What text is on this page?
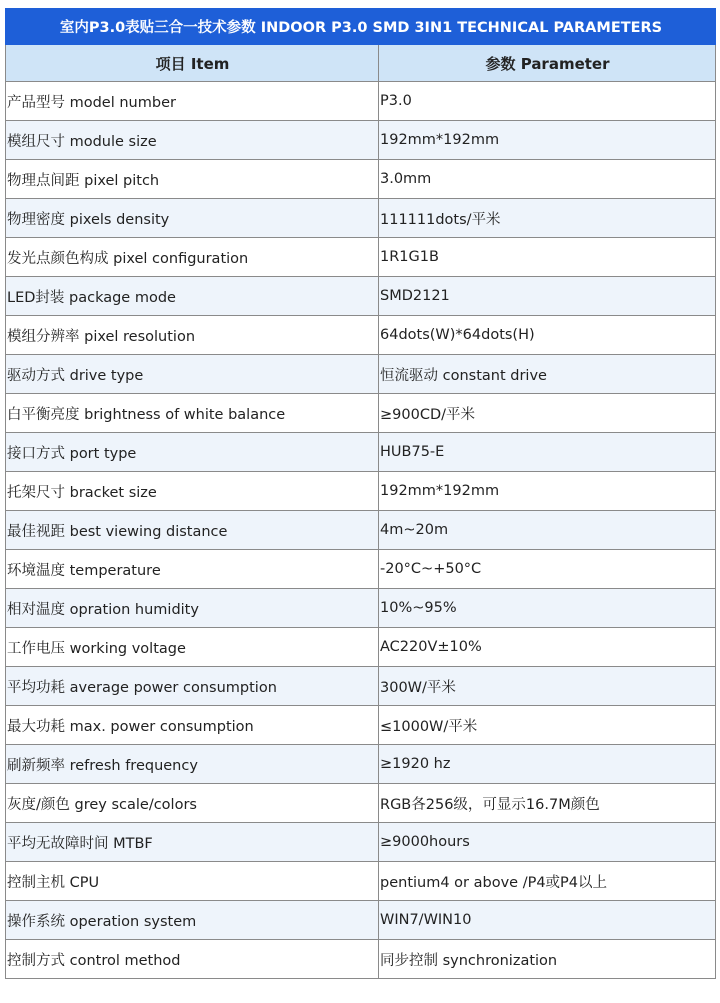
室内P3.0表贴三合一技术参数 INDOOR P3.0 SMD 3IN1 TECHNICAL PARAMETERS	
项目 Item	参数 Parameter
产品型号 model number	P3.0
模组尺寸 module size	192mm*192mm
物理点间距 pixel pitch	3.0mm
物理密度 pixels density	111111dots/平米
发光点颜色构成 pixel configuration	1R1G1B
LED封装 package mode	SMD2121
模组分辨率 pixel resolution	64dots(W)*64dots(H)
驱动方式 drive type	恒流驱动 constant drive
白平衡亮度 brightness of white balance	≥900CD/平米
接口方式 port type	HUB75-E
托架尺寸 bracket size	192mm*192mm
最佳视距 best viewing distance	4m~20m
环境温度 temperature	-20°C~+50°C
相对温度 opration humidity	10%~95%
工作电压 working voltage	AC220V±10%
平均功耗 average power consumption	300W/平米
最大功耗 max. power consumption	≤1000W/平米
刷新频率 refresh frequency	≥1920 hz
灰度/颜色 grey scale/colors	RGB各256级，可显示16.7M颜色
平均无故障时间 MTBF	≥9000hours
控制主机 CPU	pentium4 or above /P4或P4以上
操作系统 operation system	WIN7/WIN10
控制方式 control method	同步控制 synchronization
